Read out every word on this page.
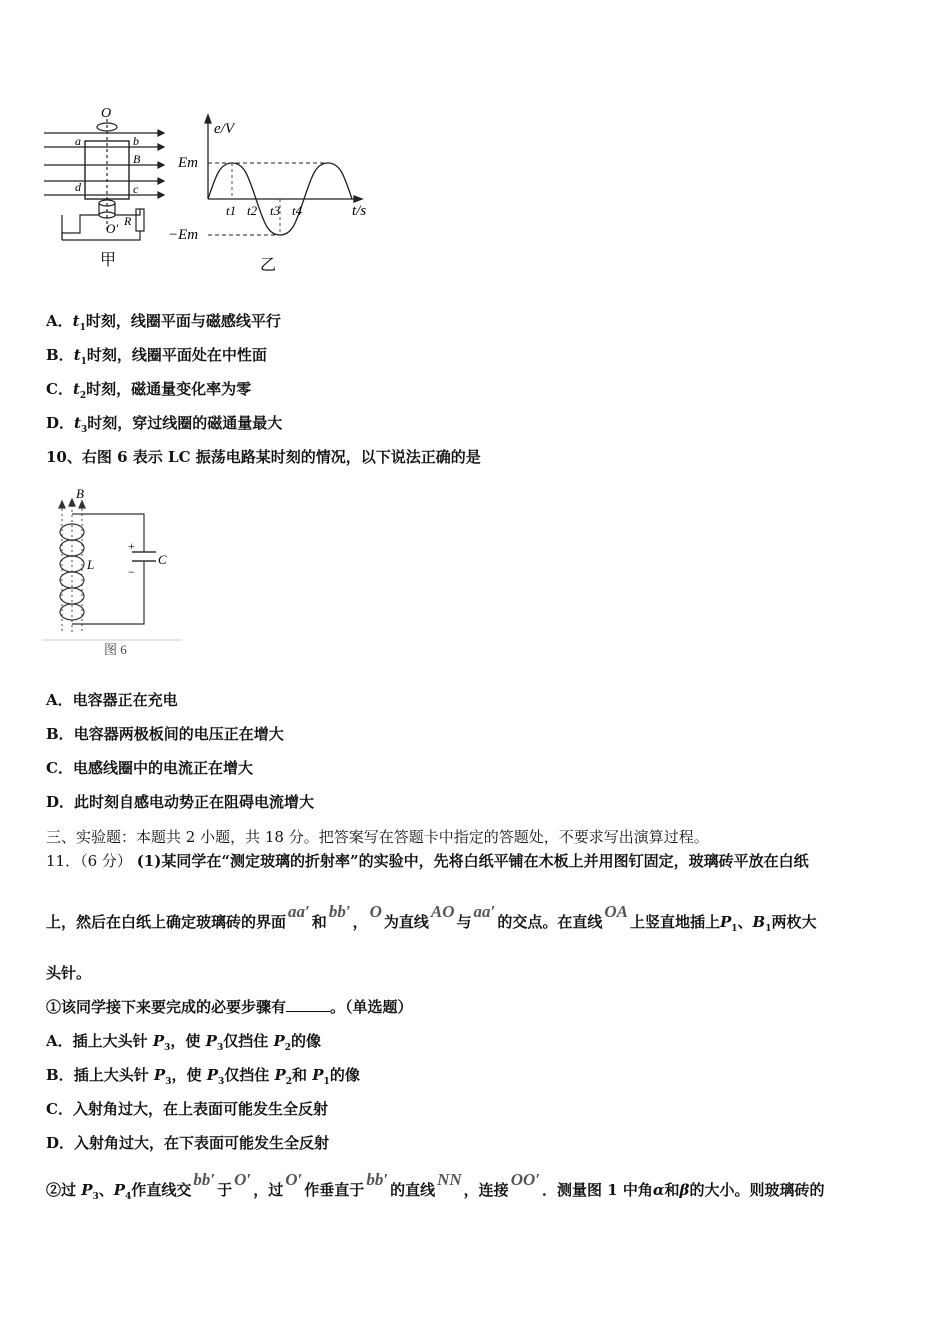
O
a	b
B
d	c
O′ R
甲
e/V
t/s
Em
−Em
t1 t2 t3 t4
乙
A．$t_1$时刻，线圈平面与磁感线平行
B．$t_1$时刻，线圈平面处在中性面
C．$t_2$时刻，磁通量变化率为零
D．$t_3$时刻，穿过线圈的磁通量最大
10、右图 6 表示 LC 振荡电路某时刻的情况，以下说法正确的是
B
L	C
+
−
图 6
A．电容器正在充电
B．电容器两极板间的电压正在增大
C．电感线圈中的电流正在增大
D．此时刻自感电动势正在阻碍电流增大
三、实验题：本题共 2 小题，共 18 分。把答案写在答题卡中指定的答题处，不要求写出演算过程。
11．（6 分） (1)某同学在“测定玻璃的折射率”的实验中，先将白纸平铺在木板上并用图钉固定，玻璃砖平放在白纸
上，然后在白纸上确定玻璃砖的界面aa′和bb′，O为直线AO与aa′的交点。在直线OA上竖直地插上$P_1$、$B_1$两枚大
头针。
①该同学接下来要完成的必要步骤有	。（单选题）
A．插上大头针 $P_3$，使 $P_3$仅挡住 $P_2$的像
B．插上大头针 $P_3$，使 $P_3$仅挡住 $P_2$和 $P_1$的像
C．入射角过大，在上表面可能发生全反射
D．入射角过大，在下表面可能发生全反射
②过 $P_3$、$P_4$作直线交bb′于O′，过O′作垂直于bb′的直线NN，连接OO′．测量图 1 中角α和β的大小。则玻璃砖的
